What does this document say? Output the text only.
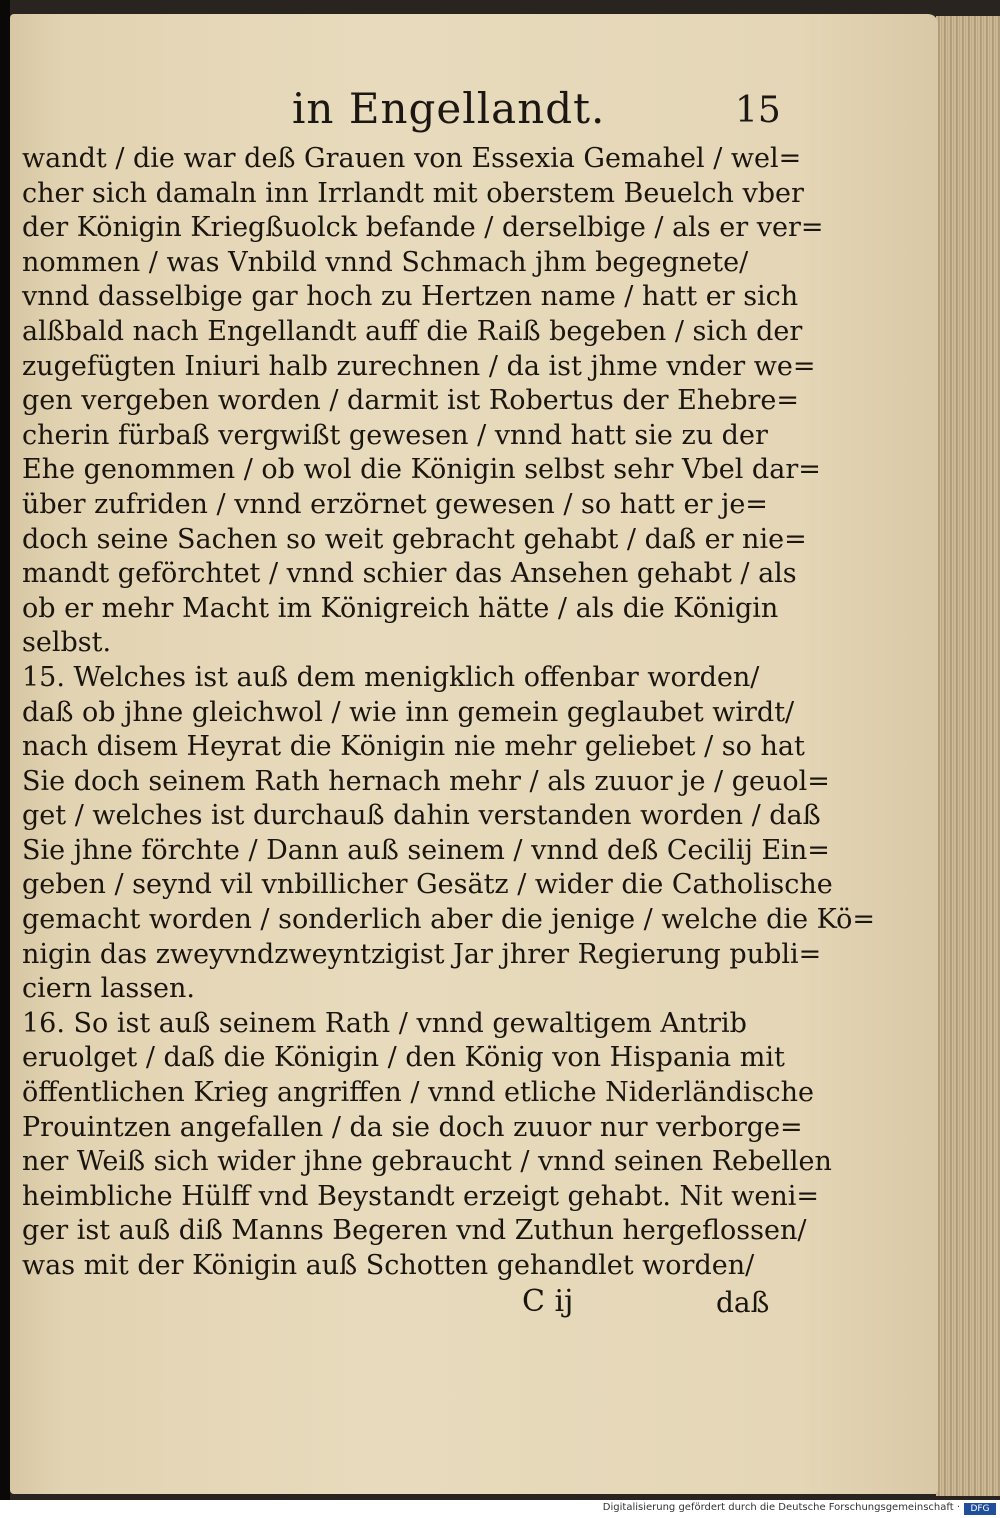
in Engellandt.	15
wandt / die war deß Grauen von Essexia Gemahel / wel=
cher sich damaln inn Irrlandt mit oberstem Beuelch vber
der Königin Kriegßuolck befande / derselbige / als er ver=
nommen / was Vnbild vnnd Schmach jhm begegnete/
vnnd dasselbige gar hoch zu Hertzen name / hatt er sich
alßbald nach Engellandt auff die Raiß begeben / sich der
zugefügten Iniuri halb zurechnen / da ist jhme vnder we=
gen vergeben worden / darmit ist Robertus der Ehebre=
cherin fürbaß vergwißt gewesen / vnnd hatt sie zu der
Ehe genommen / ob wol die Königin selbst sehr Vbel dar=
über zufriden / vnnd erzörnet gewesen / so hatt er je=
doch seine Sachen so weit gebracht gehabt / daß er nie=
mandt geförchtet / vnnd schier das Ansehen gehabt / als
ob er mehr Macht im Königreich hätte / als die Königin
selbst.
15. Welches ist auß dem menigklich offenbar worden/
daß ob jhne gleichwol / wie inn gemein geglaubet wirdt/
nach disem Heyrat die Königin nie mehr geliebet / so hat
Sie doch seinem Rath hernach mehr / als zuuor je / geuol=
get / welches ist durchauß dahin verstanden worden / daß
Sie jhne förchte / Dann auß seinem / vnnd deß Cecilij Ein=
geben / seynd vil vnbillicher Gesätz / wider die Catholische
gemacht worden / sonderlich aber die jenige / welche die Kö=
nigin das zweyvndzweyntzigist Jar jhrer Regierung publi=
ciern lassen.
16. So ist auß seinem Rath / vnnd gewaltigem Antrib
eruolget / daß die Königin / den König von Hispania mit
öffentlichen Krieg angriffen / vnnd etliche Niderländische
Prouintzen angefallen / da sie doch zuuor nur verborge=
ner Weiß sich wider jhne gebraucht / vnnd seinen Rebellen
heimbliche Hülff vnd Beystandt erzeigt gehabt. Nit weni=
ger ist auß diß Manns Begeren vnd Zuthun hergeflossen/
was mit der Königin auß Schotten gehandlet worden/
C ij	daß
Digitalisierung gefördert durch die Deutsche Forschungsgemeinschaft ·	DFG
